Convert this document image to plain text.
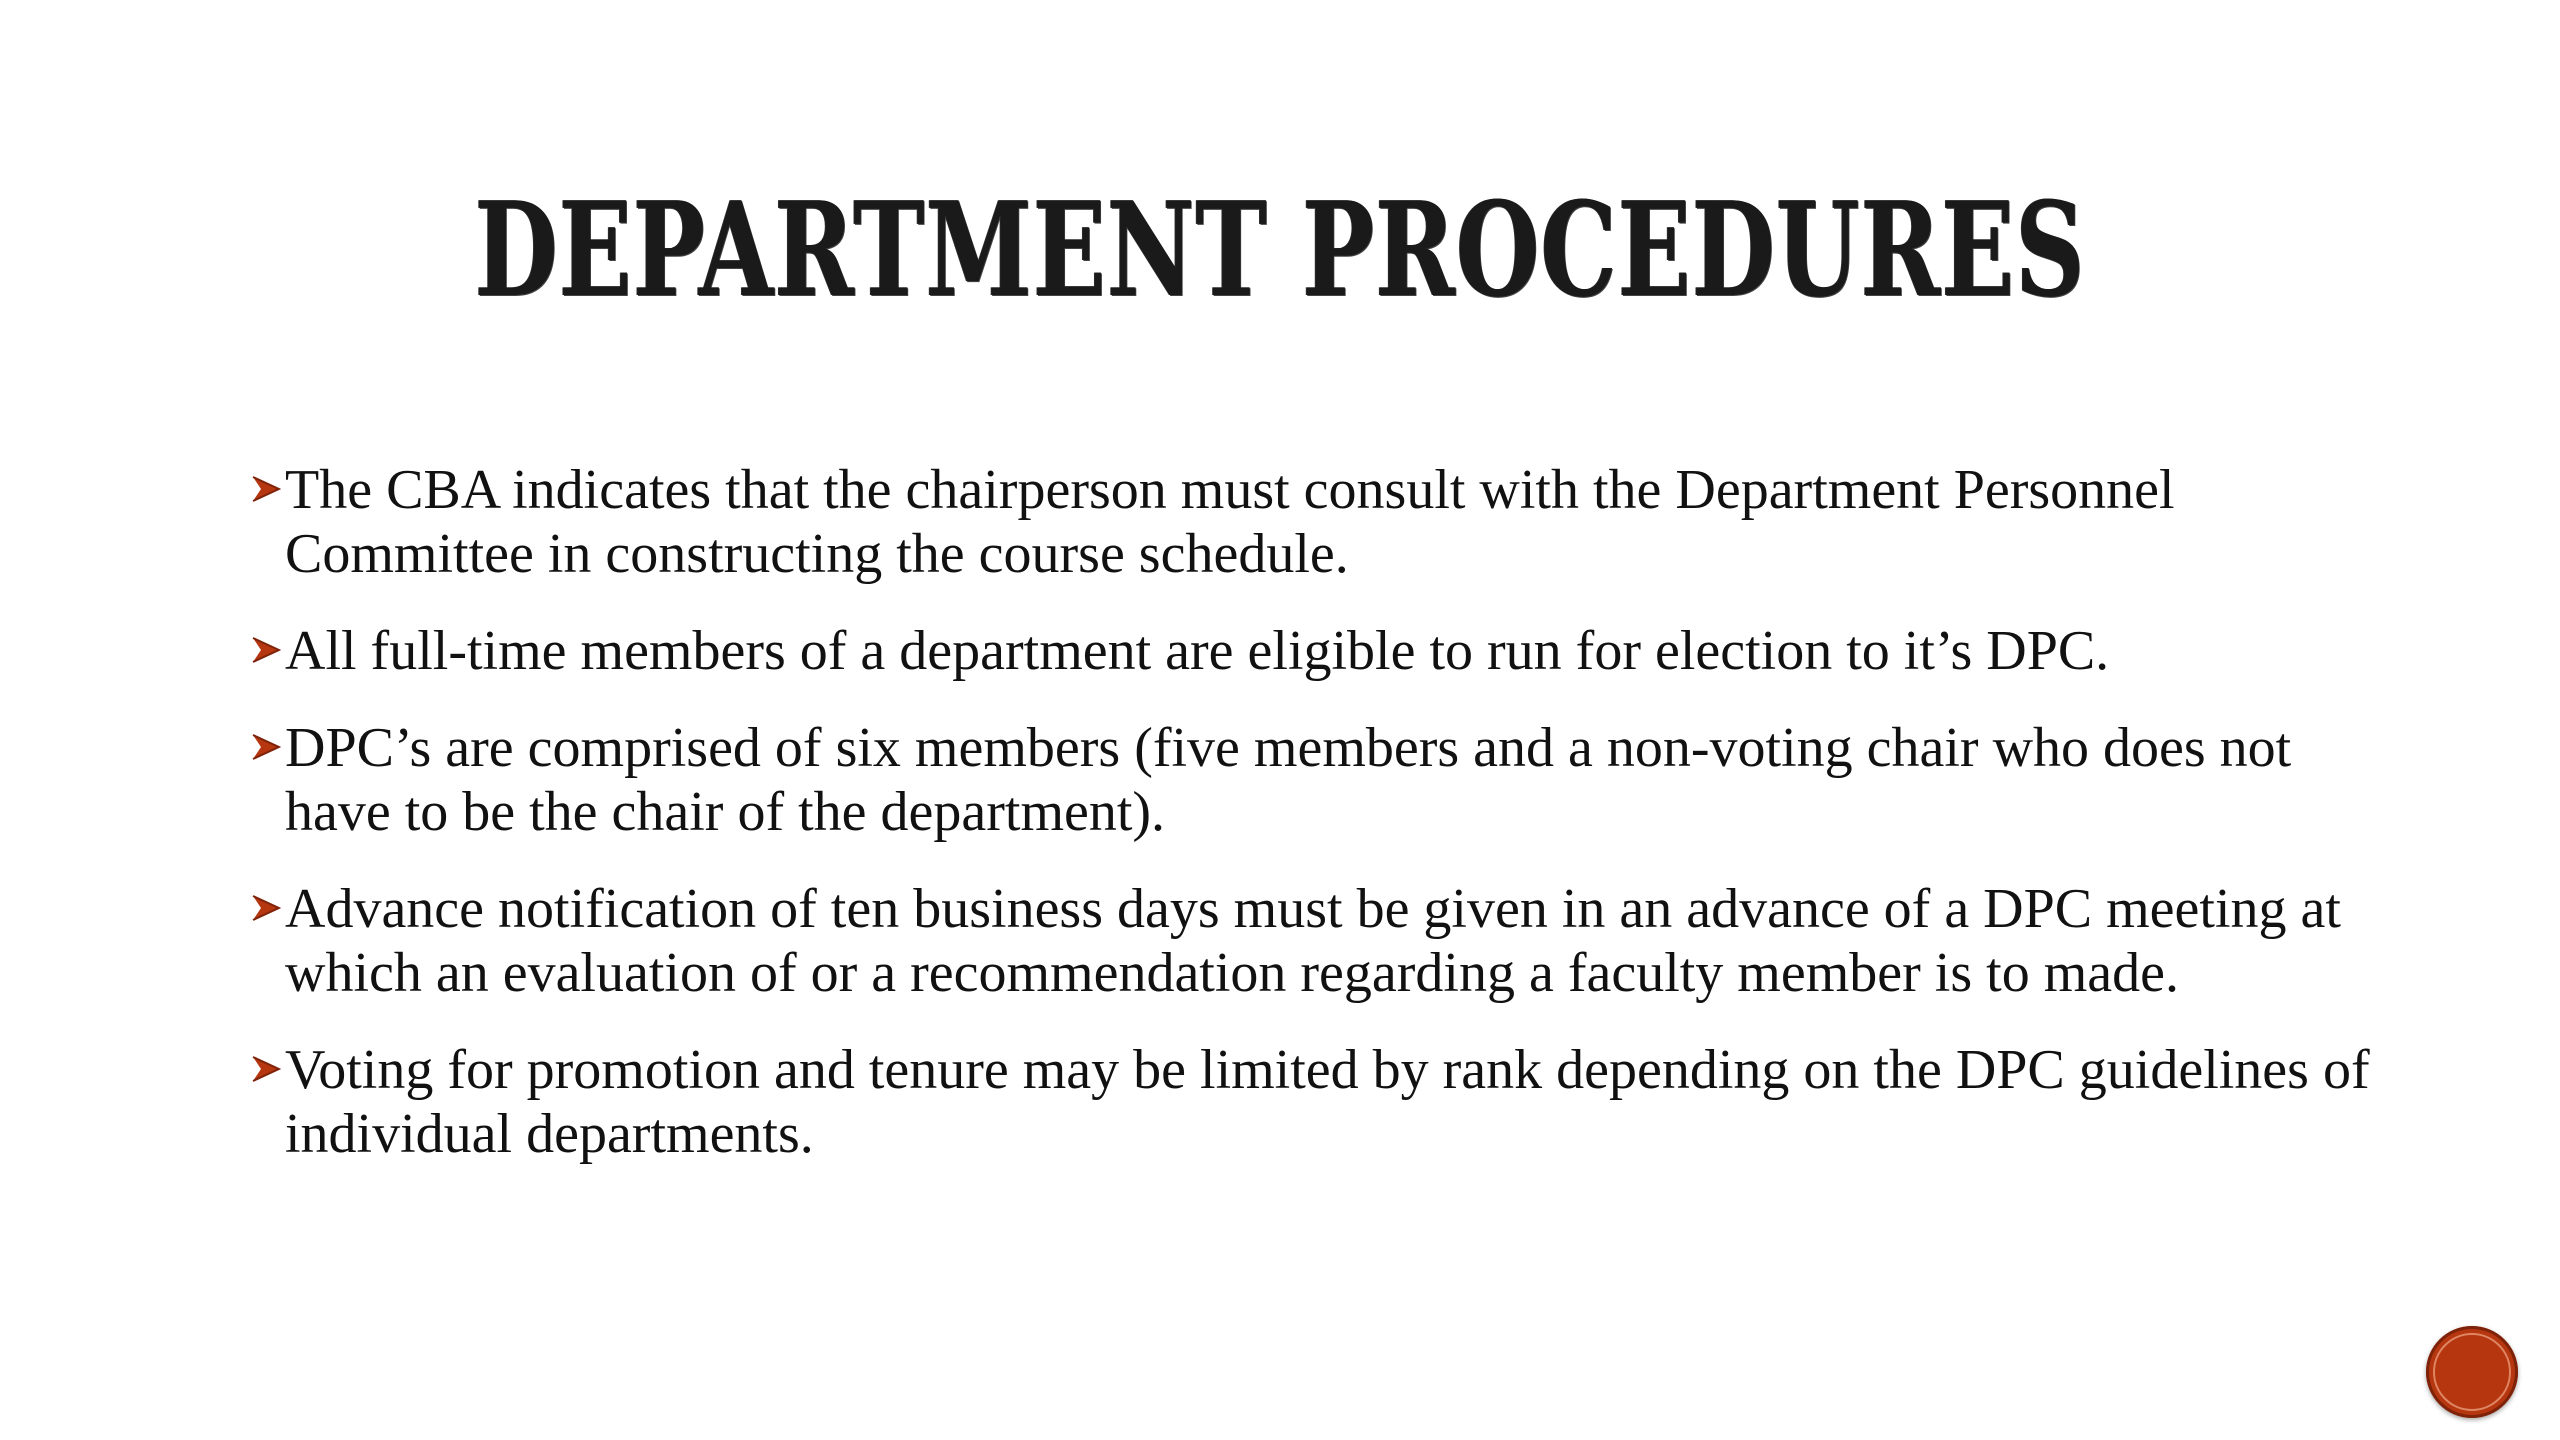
DEPARTMENT PROCEDURES
The CBA indicates that the chairperson must consult with the Department Personnel Committee in constructing the course schedule.
All full-time members of a department are eligible to run for election to it’s DPC.
DPC’s are comprised of six members (five members and a non-voting chair who does not have to be the chair of the department).
Advance notification of ten business days must be given in an advance of a DPC meeting at which an evaluation of or a recommendation regarding a faculty member is to made.
Voting for promotion and tenure may be limited by rank depending on the DPC guidelines of individual departments.
